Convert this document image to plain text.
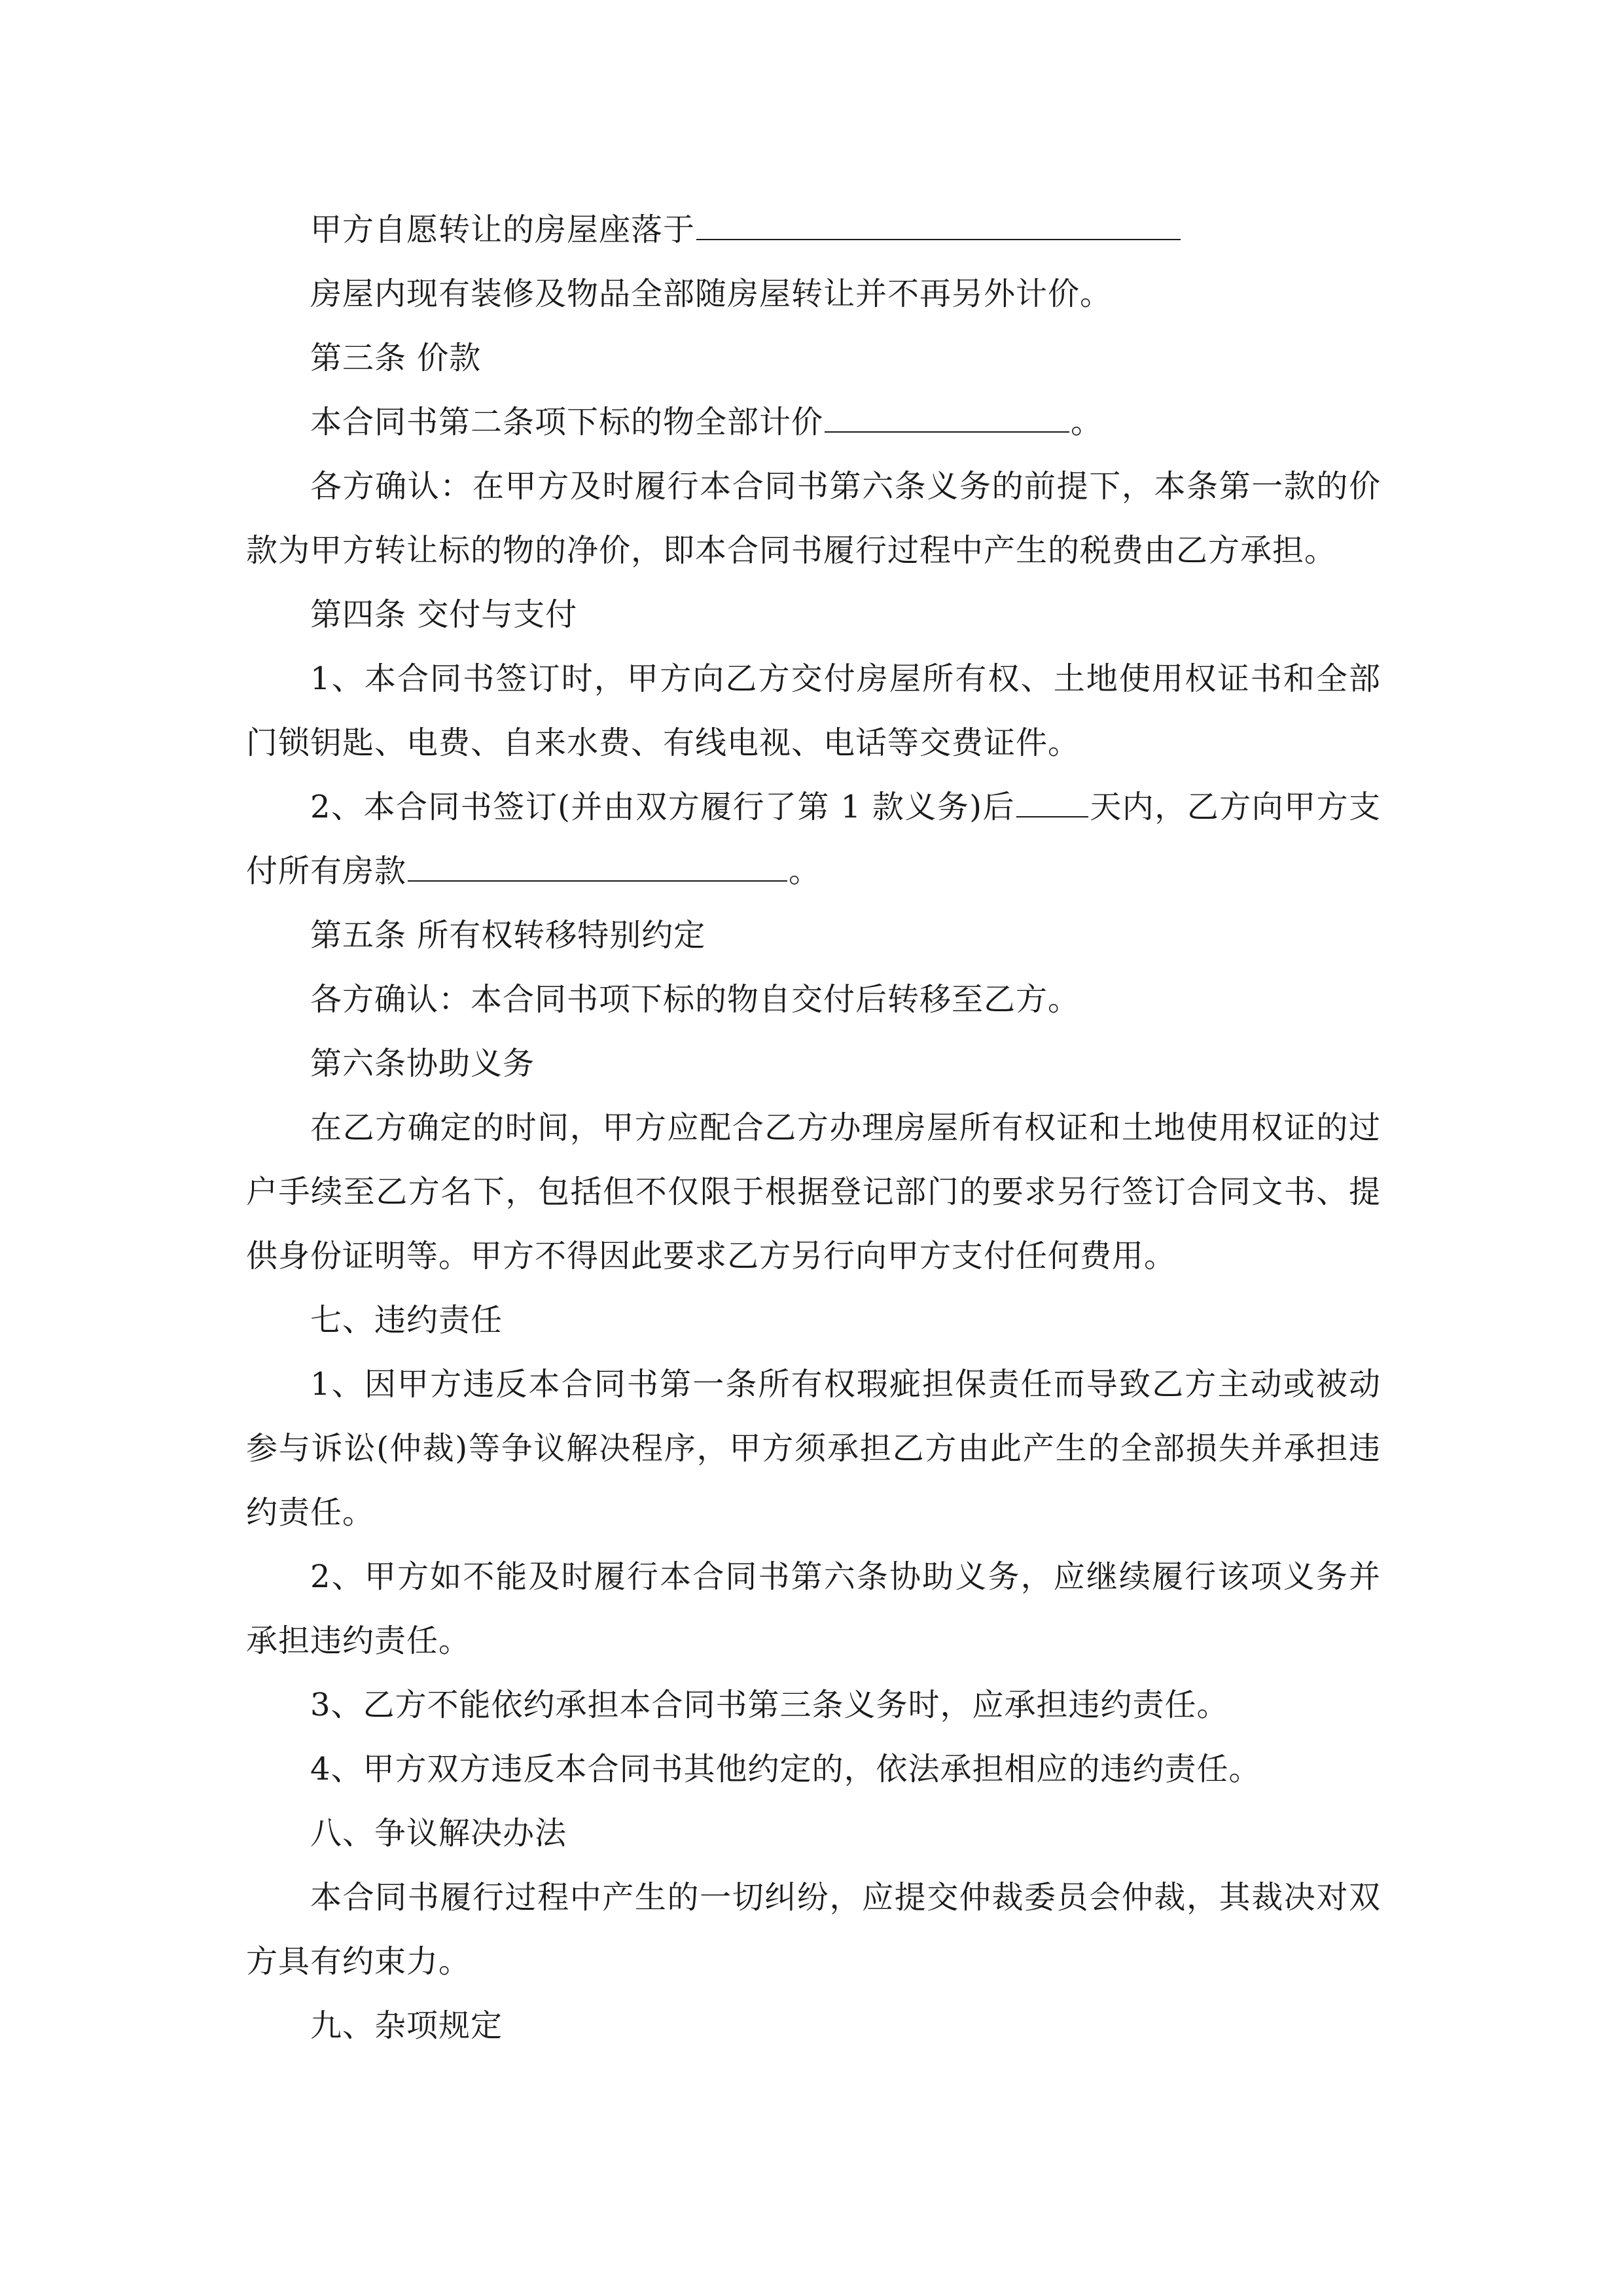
甲方自愿转让的房屋座落于

房屋内现有装修及物品全部随房屋转让并不再另外计价。

第三条 价款

本合同书第二条项下标的物全部计价	。

各方确认：在甲方及时履行本合同书第六条义务的前提下，本条第一款的价款为甲方转让标的物的净价，即本合同书履行过程中产生的税费由乙方承担。

第四条 交付与支付

1、本合同书签订时，甲方向乙方交付房屋所有权、土地使用权证书和全部门锁钥匙、电费、自来水费、有线电视、电话等交费证件。

2、本合同书签订(并由双方履行了第 1 款义务)后 天内，乙方向甲方支付所有房款	。

第五条 所有权转移特别约定

各方确认：本合同书项下标的物自交付后转移至乙方。

第六条协助义务

在乙方确定的时间，甲方应配合乙方办理房屋所有权证和土地使用权证的过户手续至乙方名下，包括但不仅限于根据登记部门的要求另行签订合同文书、提供身份证明等。甲方不得因此要求乙方另行向甲方支付任何费用。

七、违约责任

1、因甲方违反本合同书第一条所有权瑕疵担保责任而导致乙方主动或被动参与诉讼(仲裁)等争议解决程序，甲方须承担乙方由此产生的全部损失并承担违约责任。

2、甲方如不能及时履行本合同书第六条协助义务，应继续履行该项义务并承担违约责任。

3、乙方不能依约承担本合同书第三条义务时，应承担违约责任。

4、甲方双方违反本合同书其他约定的，依法承担相应的违约责任。

八、争议解决办法

本合同书履行过程中产生的一切纠纷，应提交仲裁委员会仲裁，其裁决对双方具有约束力。

九、杂项规定
